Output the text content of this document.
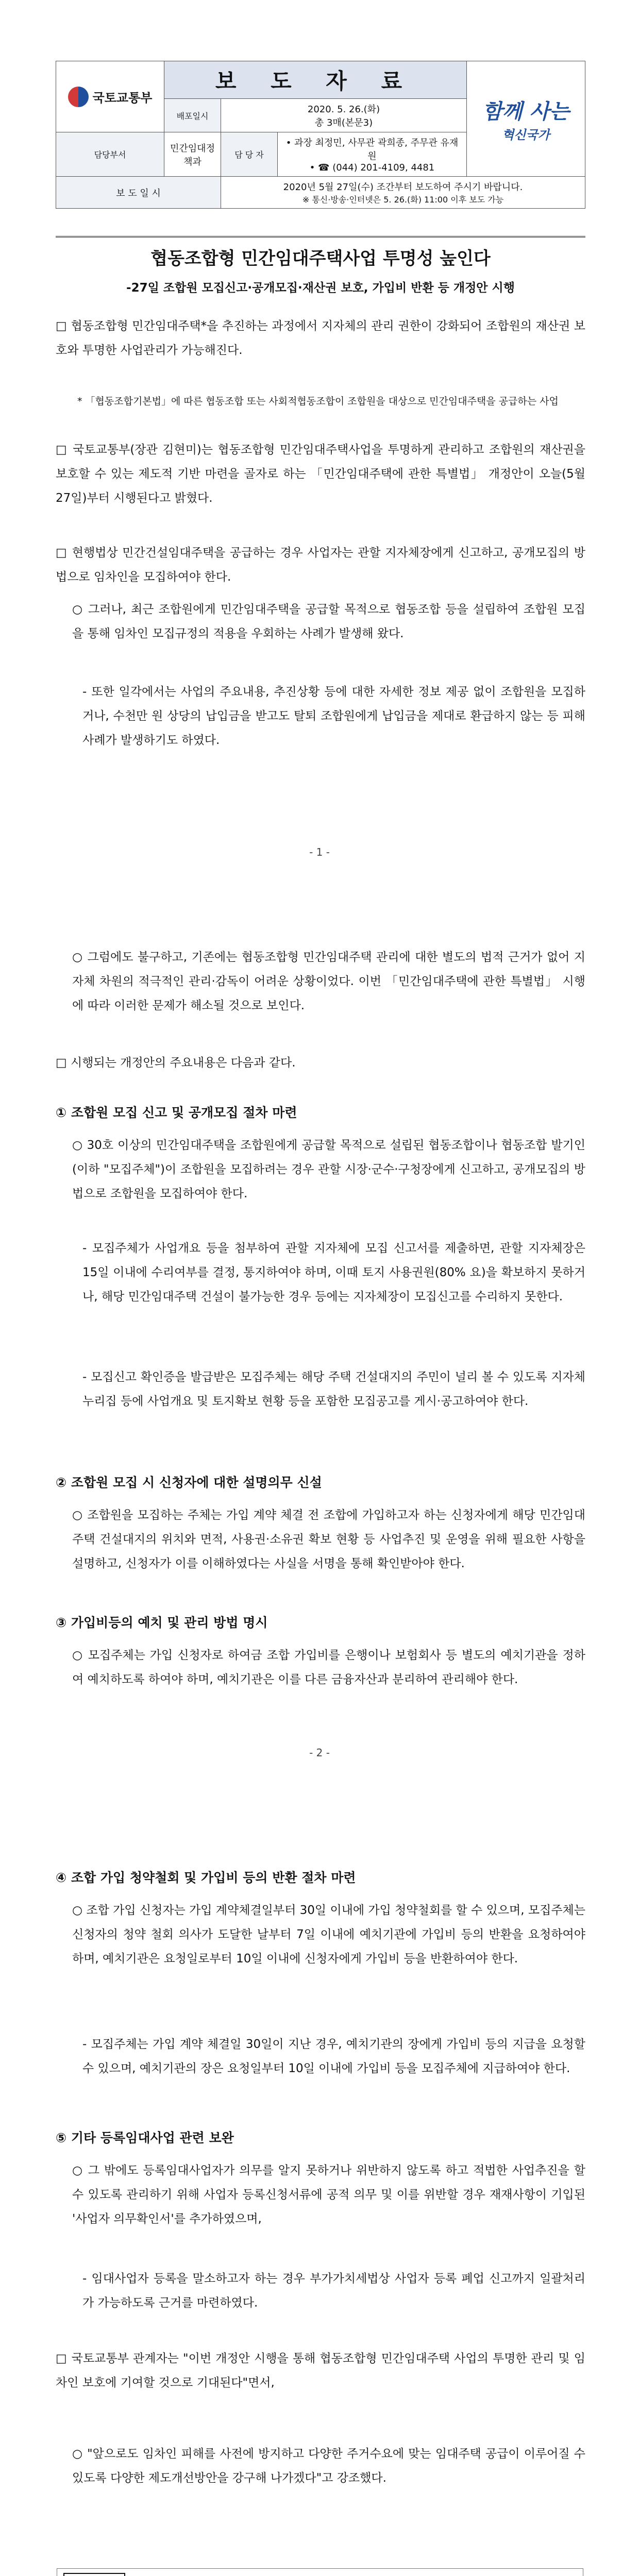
국토교통부	보 도 자 료			함께 사는
혁신국가

	배포일시	2020. 5. 26.(화)
총 3매(본문3)		

담당부서	민간임대정책과	담 당 자	• 과장 최정민, 사무관 곽희종, 주무관 유재원
• ☎ (044) 201-4109, 4481	

보 도 일 시		2020년 5월 27일(수) 조간부터 보도하여 주시기 바랍니다.
※ 통신·방송·인터넷은 5. 26.(화) 11:00 이후 보도 가능		
협동조합형 민간임대주택사업 투명성 높인다
-27일 조합원 모집신고·공개모집·재산권 보호, 가입비 반환 등 개정안 시행
□ 협동조합형 민간임대주택*을 추진하는 과정에서 지자체의 관리 권한이 강화되어 조합원의 재산권 보호와 투명한 사업관리가 가능해진다.
* 「협동조합기본법」에 따른 협동조합 또는 사회적협동조합이 조합원을 대상으로 민간임대주택을 공급하는 사업
□ 국토교통부(장관 김현미)는 협동조합형 민간임대주택사업을 투명하게 관리하고 조합원의 재산권을 보호할 수 있는 제도적 기반 마련을 골자로 하는 「민간임대주택에 관한 특별법」 개정안이 오늘(5월 27일)부터 시행된다고 밝혔다.
□ 현행법상 민간건설임대주택을 공급하는 경우 사업자는 관할 지자체장에게 신고하고, 공개모집의 방법으로 임차인을 모집하여야 한다.
○ 그러나, 최근 조합원에게 민간임대주택을 공급할 목적으로 협동조합 등을 설립하여 조합원 모집을 통해 임차인 모집규정의 적용을 우회하는 사례가 발생해 왔다.
- 또한 일각에서는 사업의 주요내용, 추진상황 등에 대한 자세한 정보 제공 없이 조합원을 모집하거나, 수천만 원 상당의 납입금을 받고도 탈퇴 조합원에게 납입금을 제대로 환급하지 않는 등 피해사례가 발생하기도 하였다.
- 1 -
○ 그럼에도 불구하고, 기존에는 협동조합형 민간임대주택 관리에 대한 별도의 법적 근거가 없어 지자체 차원의 적극적인 관리·감독이 어려운 상황이었다. 이번 「민간임대주택에 관한 특별법」 시행에 따라 이러한 문제가 해소될 것으로 보인다.
□ 시행되는 개정안의 주요내용은 다음과 같다.
① 조합원 모집 신고 및 공개모집 절차 마련
○ 30호 이상의 민간임대주택을 조합원에게 공급할 목적으로 설립된 협동조합이나 협동조합 발기인(이하 "모집주체")이 조합원을 모집하려는 경우 관할 시장·군수·구청장에게 신고하고, 공개모집의 방법으로 조합원을 모집하여야 한다.
- 모집주체가 사업개요 등을 첨부하여 관할 지자체에 모집 신고서를 제출하면, 관할 지자체장은 15일 이내에 수리여부를 결정, 통지하여야 하며, 이때 토지 사용권원(80% 요)을 확보하지 못하거나, 해당 민간임대주택 건설이 불가능한 경우 등에는 지자체장이 모집신고를 수리하지 못한다.
- 모집신고 확인증을 발급받은 모집주체는 해당 주택 건설대지의 주민이 널리 볼 수 있도록 지자체 누리집 등에 사업개요 및 토지확보 현황 등을 포함한 모집공고를 게시·공고하여야 한다.
② 조합원 모집 시 신청자에 대한 설명의무 신설
○ 조합원을 모집하는 주체는 가입 계약 체결 전 조합에 가입하고자 하는 신청자에게 해당 민간임대주택 건설대지의 위치와 면적, 사용권·소유권 확보 현황 등 사업추진 및 운영을 위해 필요한 사항을 설명하고, 신청자가 이를 이해하였다는 사실을 서명을 통해 확인받아야 한다.
③ 가입비등의 예치 및 관리 방법 명시
○ 모집주체는 가입 신청자로 하여금 조합 가입비를 은행이나 보험회사 등 별도의 예치기관을 정하여 예치하도록 하여야 하며, 예치기관은 이를 다른 금융자산과 분리하여 관리해야 한다.
- 2 -
④ 조합 가입 청약철회 및 가입비 등의 반환 절차 마련
○ 조합 가입 신청자는 가입 계약체결일부터 30일 이내에 가입 청약철회를 할 수 있으며, 모집주체는 신청자의 청약 철회 의사가 도달한 날부터 7일 이내에 예치기관에 가입비 등의 반환을 요청하여야 하며, 예치기관은 요청일로부터 10일 이내에 신청자에게 가입비 등을 반환하여야 한다.
- 모집주체는 가입 계약 체결일 30일이 지난 경우, 예치기관의 장에게 가입비 등의 지급을 요청할 수 있으며, 예치기관의 장은 요청일부터 10일 이내에 가입비 등을 모집주체에 지급하여야 한다.
⑤ 기타 등록임대사업 관련 보완
○ 그 밖에도 등록임대사업자가 의무를 알지 못하거나 위반하지 않도록 하고 적법한 사업추진을 할 수 있도록 관리하기 위해 사업자 등록신청서류에 공적 의무 및 이를 위반할 경우 재재사항이 기입된 '사업자 의무확인서'를 추가하였으며,
- 임대사업자 등록을 말소하고자 하는 경우 부가가치세법상 사업자 등록 폐업 신고까지 일괄처리가 가능하도록 근거를 마련하였다.
□ 국토교통부 관계자는 "이번 개정안 시행을 통해 협동조합형 민간임대주택 사업의 투명한 관리 및 임차인 보호에 기여할 것으로 기대된다"면서,
○ "앞으로도 임차인 피해를 사전에 방지하고 다양한 주거수요에 맞는 임대주택 공급이 이루어질 수 있도록 다양한 제도개선방안을 강구해 나가겠다"고 강조했다.
